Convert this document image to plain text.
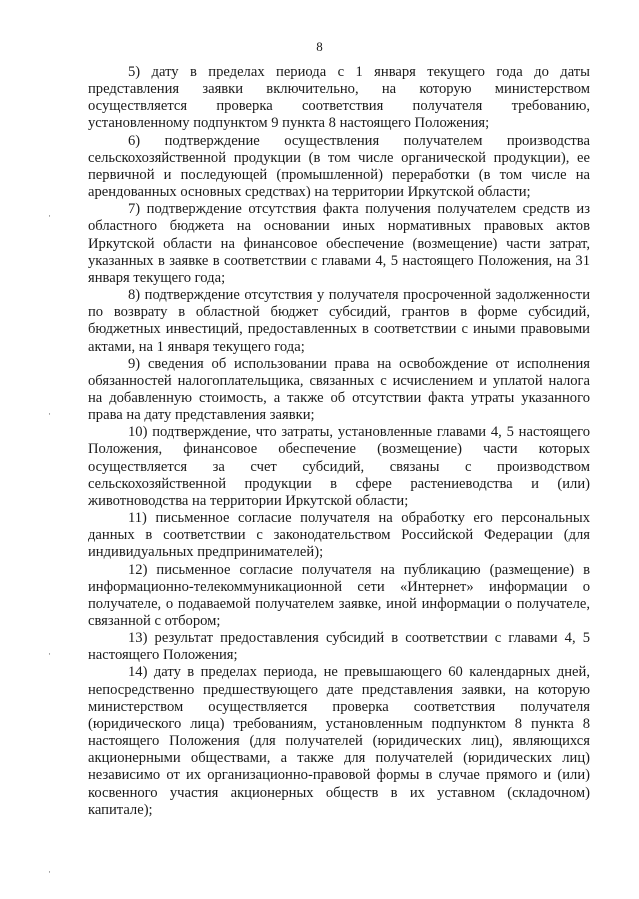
8

5) дату в пределах периода с 1 января текущего года до даты представления заявки включительно, на которую министерством осуществляется проверка соответствия получателя требованию, установленному подпунктом 9 пункта 8 настоящего Положения;

6) подтверждение осуществления получателем производства сельскохозяйственной продукции (в том числе органической продукции), ее первичной и последующей (промышленной) переработки (в том числе на арендованных основных средствах) на территории Иркутской области;

7) подтверждение отсутствия факта получения получателем средств из областного бюджета на основании иных нормативных правовых актов Иркутской области на финансовое обеспечение (возмещение) части затрат, указанных в заявке в соответствии с главами 4, 5 настоящего Положения, на 31 января текущего года;

8) подтверждение отсутствия у получателя просроченной задолженности по возврату в областной бюджет субсидий, грантов в форме субсидий, бюджетных инвестиций, предоставленных в соответствии с иными правовыми актами, на 1 января текущего года;

9) сведения об использовании права на освобождение от исполнения обязанностей налогоплательщика, связанных с исчислением и уплатой налога на добавленную стоимость, а также об отсутствии факта утраты указанного права на дату представления заявки;

10) подтверждение, что затраты, установленные главами 4, 5 настоящего Положения, финансовое обеспечение (возмещение) части которых осуществляется за счет субсидий, связаны с производством сельскохозяйственной продукции в сфере растениеводства и (или) животноводства на территории Иркутской области;

11) письменное согласие получателя на обработку его персональных данных в соответствии с законодательством Российской Федерации (для индивидуальных предпринимателей);

12) письменное согласие получателя на публикацию (размещение) в информационно-телекоммуникационной сети «Интернет» информации о получателе, о подаваемой получателем заявке, иной информации о получателе, связанной с отбором;

13) результат предоставления субсидий в соответствии с главами 4, 5 настоящего Положения;

14) дату в пределах периода, не превышающего 60 календарных дней, непосредственно предшествующего дате представления заявки, на которую министерством осуществляется проверка соответствия получателя (юридического лица) требованиям, установленным подпунктом 8 пункта 8 настоящего Положения (для получателей (юридических лиц), являющихся акционерными обществами, а также для получателей (юридических лиц) независимо от их организационно-правовой формы в случае прямого и (или) косвенного участия акционерных обществ в их уставном (складочном) капитале);

·
·
·
·
